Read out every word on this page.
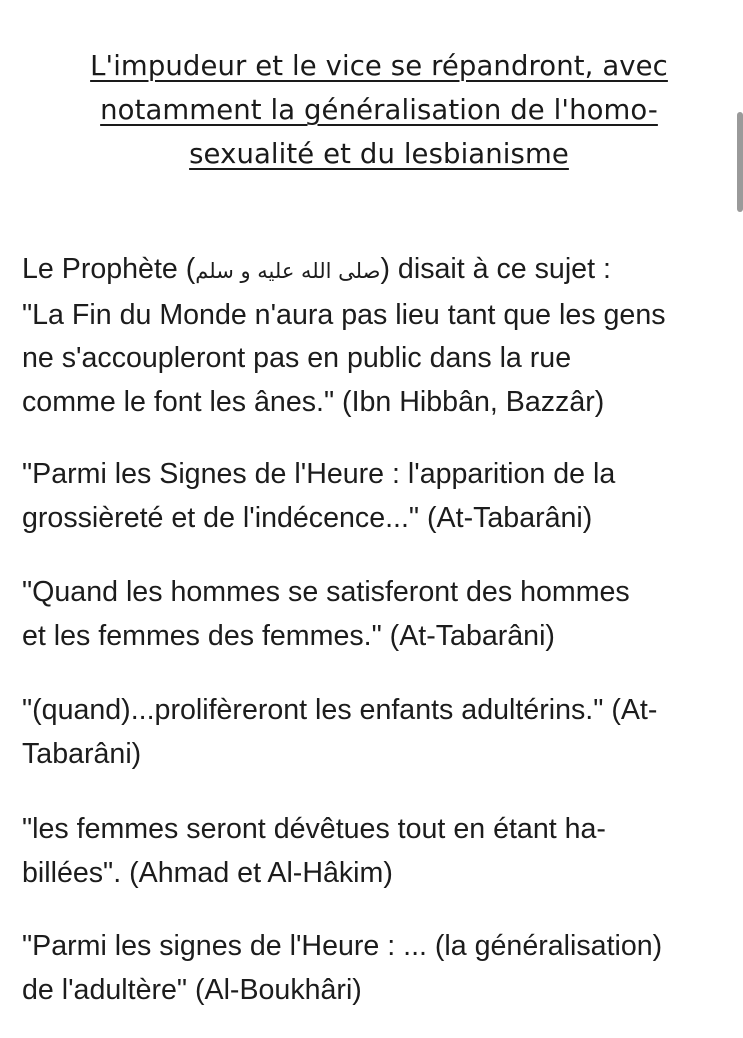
L'impudeur et le vice se répandront, avec
notamment la généralisation de l'homo-
sexualité et du lesbianisme

Le Prophète (صلى الله عليه و سلم) disait à ce sujet :
"La Fin du Monde n'aura pas lieu tant que les gens
ne s'accoupleront pas en public dans la rue
comme le font les ânes." (Ibn Hibbân, Bazzâr)

"Parmi les Signes de l'Heure : l'apparition de la
grossièreté et de l'indécence..." (At-Tabarâni)

"Quand les hommes se satisferont des hommes
et les femmes des femmes." (At-Tabarâni)

"(quand)...prolifèreront les enfants adultérins." (At-
Tabarâni)

"les femmes seront dévêtues tout en étant ha-
billées". (Ahmad et Al-Hâkim)

"Parmi les signes de l'Heure : ... (la généralisation)
de l'adultère" (Al-Boukhâri)
